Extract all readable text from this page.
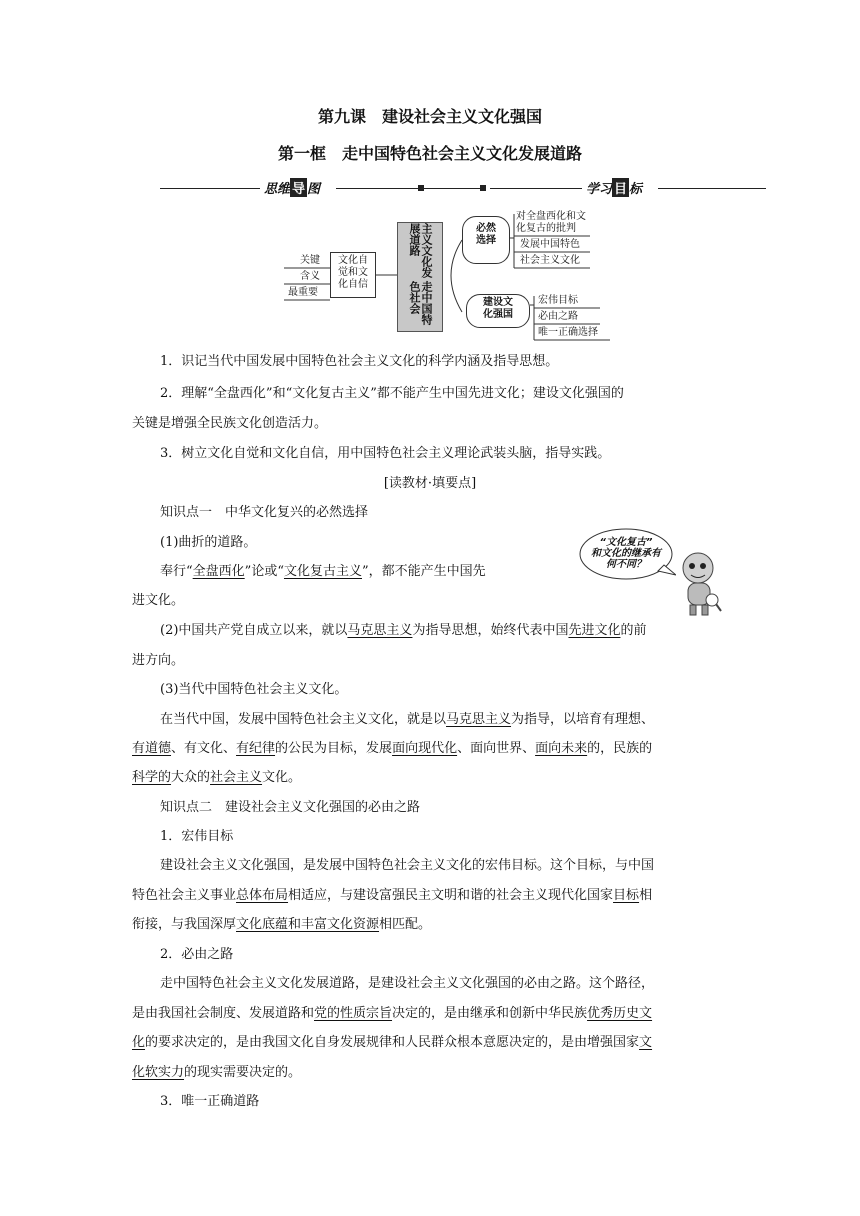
第九课　建设社会主义文化强国
第一框　走中国特色社会主义文化发展道路
思维 导 图	学习 目 标
关键
含义
最重要
文化自
觉和文
化自信
主义文化发展道路
走中国特色社会
必然
选择
对全盘西化和文
化复古的批判
发展中国特色
社会主义文化
建设文
化强国
宏伟目标
必由之路
唯一正确选择

1．识记当代中国发展中国特色社会主义文化的科学内涵及指导思想。

2．理解“全盘西化”和“文化复古主义”都不能产生中国先进文化；建设文化强国的

关键是增强全民族文化创造活力。

3．树立文化自觉和文化自信，用中国特色社会主义理论武装头脑，指导实践。

[读教材·填要点]

知识点一　中华文化复兴的必然选择

(1)曲折的道路。

奉行“全盘西化”论或“文化复古主义”，都不能产生中国先

进文化。

“文化复古”
和文化的继承有
何不同？

(2)中国共产党自成立以来，就以马克思主义为指导思想，始终代表中国先进文化的前

进方向。

(3)当代中国特色社会主义文化。

在当代中国，发展中国特色社会主义文化，就是以马克思主义为指导，以培育有理想、

有道德、有文化、有纪律的公民为目标，发展面向现代化、面向世界、面向未来的，民族的

科学的大众的社会主义文化。

知识点二　建设社会主义文化强国的必由之路

1．宏伟目标

建设社会主义文化强国，是发展中国特色社会主义文化的宏伟目标。这个目标，与中国

特色社会主义事业总体布局相适应，与建设富强民主文明和谐的社会主义现代化国家目标相

衔接，与我国深厚文化底蕴和丰富文化资源相匹配。

2．必由之路

走中国特色社会主义文化发展道路，是建设社会主义文化强国的必由之路。这个路径，

是由我国社会制度、发展道路和党的性质宗旨决定的，是由继承和创新中华民族优秀历史文

化的要求决定的，是由我国文化自身发展规律和人民群众根本意愿决定的，是由增强国家文

化软实力的现实需要决定的。

3．唯一正确道路
